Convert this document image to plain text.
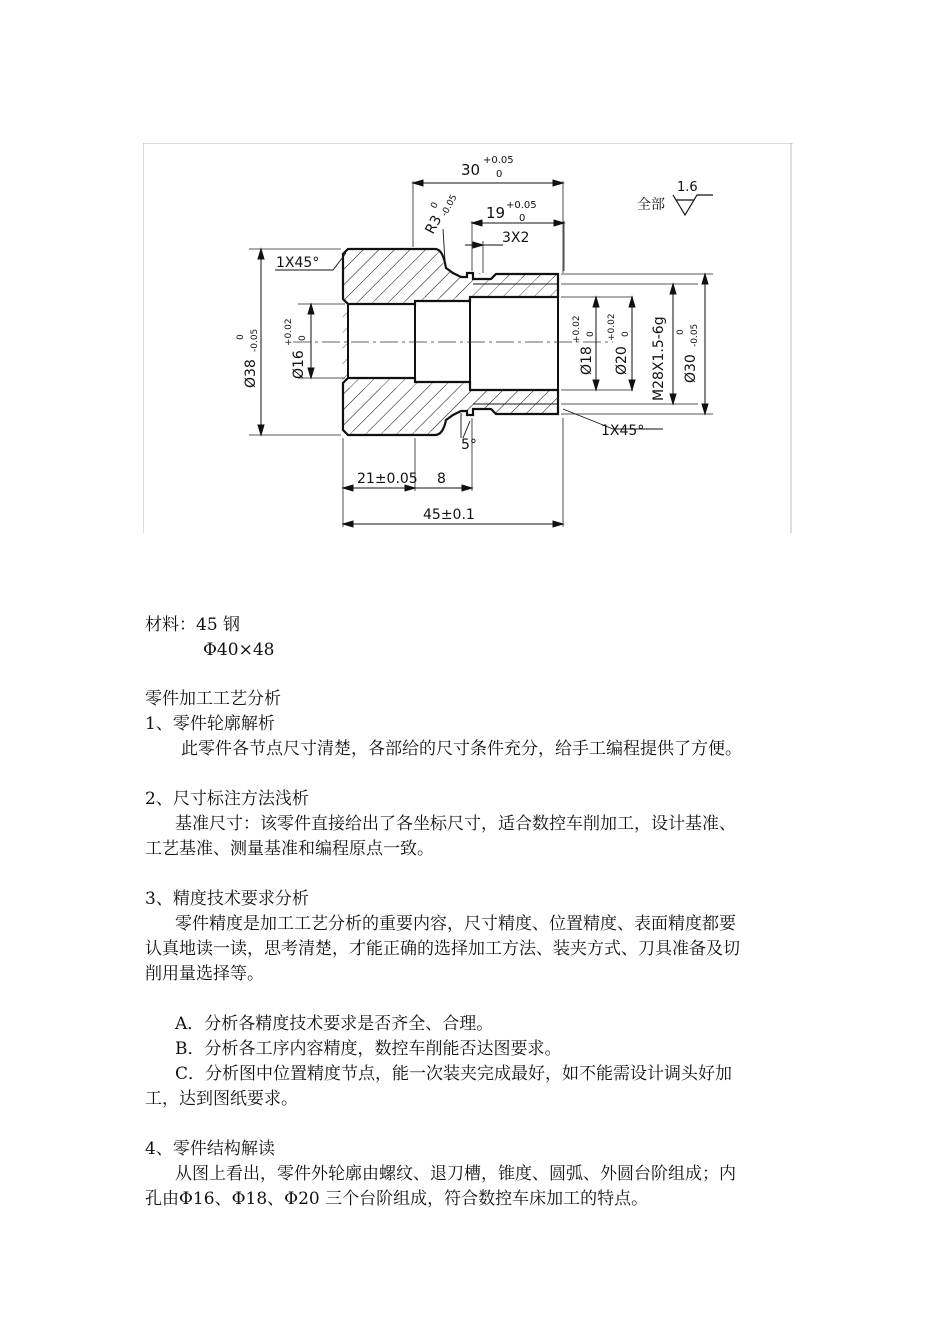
30
+0.05
0
19 +0.05
0
R3
0 -0.05
3X2
1X45°
1X45°
5°
21±0.05 8
45±0.1
Ø38
0 -0.05
Ø16
+0.02 0
Ø18
+0.02 0
Ø20
+0.02 0 M28X1.5-6g Ø30
0 -0.05
全部
1.6
材料：45 钢
Φ40×48
零件加工工艺分析
1、零件轮廓解析
此零件各节点尺寸清楚，各部给的尺寸条件充分，给手工编程提供了方便。
2、尺寸标注方法浅析
基准尺寸：该零件直接给出了各坐标尺寸，适合数控车削加工，设计基准、
工艺基准、测量基准和编程原点一致。
3、精度技术要求分析
零件精度是加工工艺分析的重要内容，尺寸精度、位置精度、表面精度都要
认真地读一读，思考清楚，才能正确的选择加工方法、装夹方式、刀具准备及切
削用量选择等。
A．分析各精度技术要求是否齐全、合理。
B．分析各工序内容精度，数控车削能否达图要求。
C．分析图中位置精度节点，能一次装夹完成最好，如不能需设计调头好加
工，达到图纸要求。
4、零件结构解读
从图上看出，零件外轮廓由螺纹、退刀槽，锥度、圆弧、外圆台阶组成；内
孔由Φ16、Φ18、Φ20 三个台阶组成，符合数控车床加工的特点。
